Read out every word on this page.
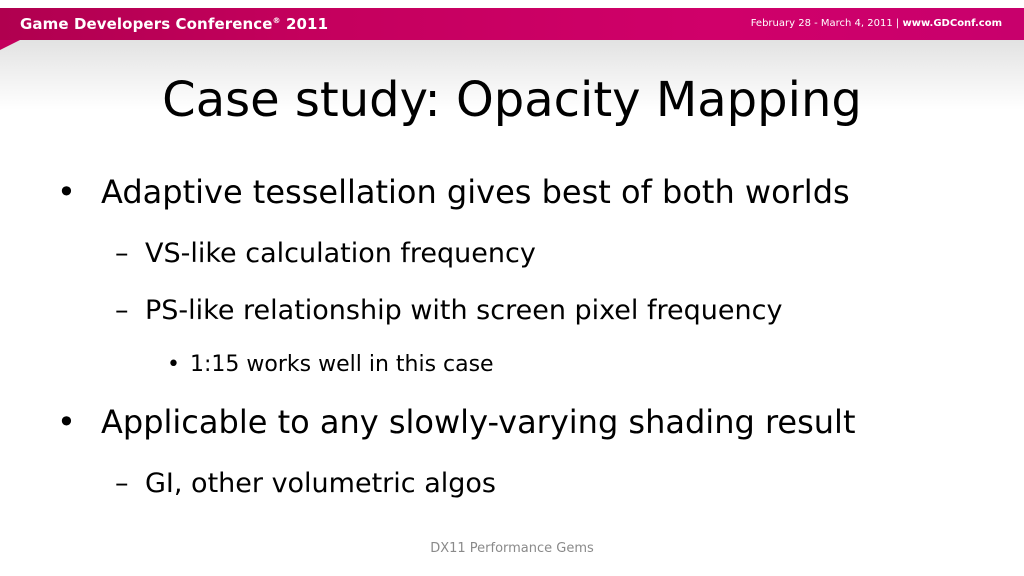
Game Developers Conference® 2011	February 28 - March 4, 2011 | www.GDConf.com
Case study: Opacity Mapping
• Adaptive tessellation gives best of both worlds
– VS-like calculation frequency
– PS-like relationship with screen pixel frequency
• 1:15 works well in this case
• Applicable to any slowly-varying shading result
– GI, other volumetric algos
DX11 Performance Gems
